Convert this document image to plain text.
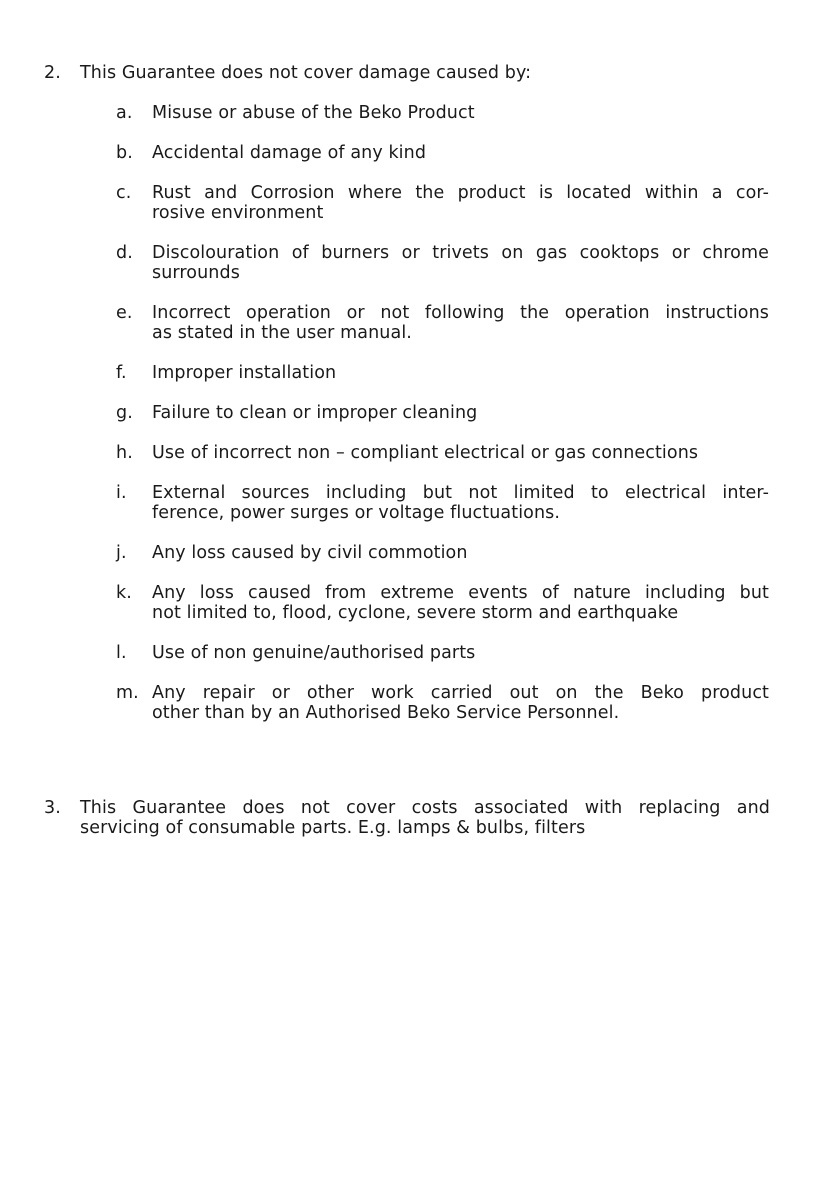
2. This Guarantee does not cover damage caused by:
a. Misuse or abuse of the Beko Product
b. Accidental damage of any kind
c. Rust and Corrosion where the product is located within a cor-
rosive environment
d. Discolouration of burners or trivets on gas cooktops or chrome
surrounds
e. Incorrect operation or not following the operation instructions
as stated in the user manual.
f. Improper installation
g. Failure to clean or improper cleaning
h. Use of incorrect non – compliant electrical or gas connections
i. External sources including but not limited to electrical inter-
ference, power surges or voltage fluctuations.
j. Any loss caused by civil commotion
k. Any loss caused from extreme events of nature including but
not limited to, flood, cyclone, severe storm and earthquake
l. Use of non genuine/authorised parts
m. Any repair or other work carried out on the Beko product
other than by an Authorised Beko Service Personnel.
3. This Guarantee does not cover costs associated with replacing and
servicing of consumable parts. E.g. lamps & bulbs, filters
